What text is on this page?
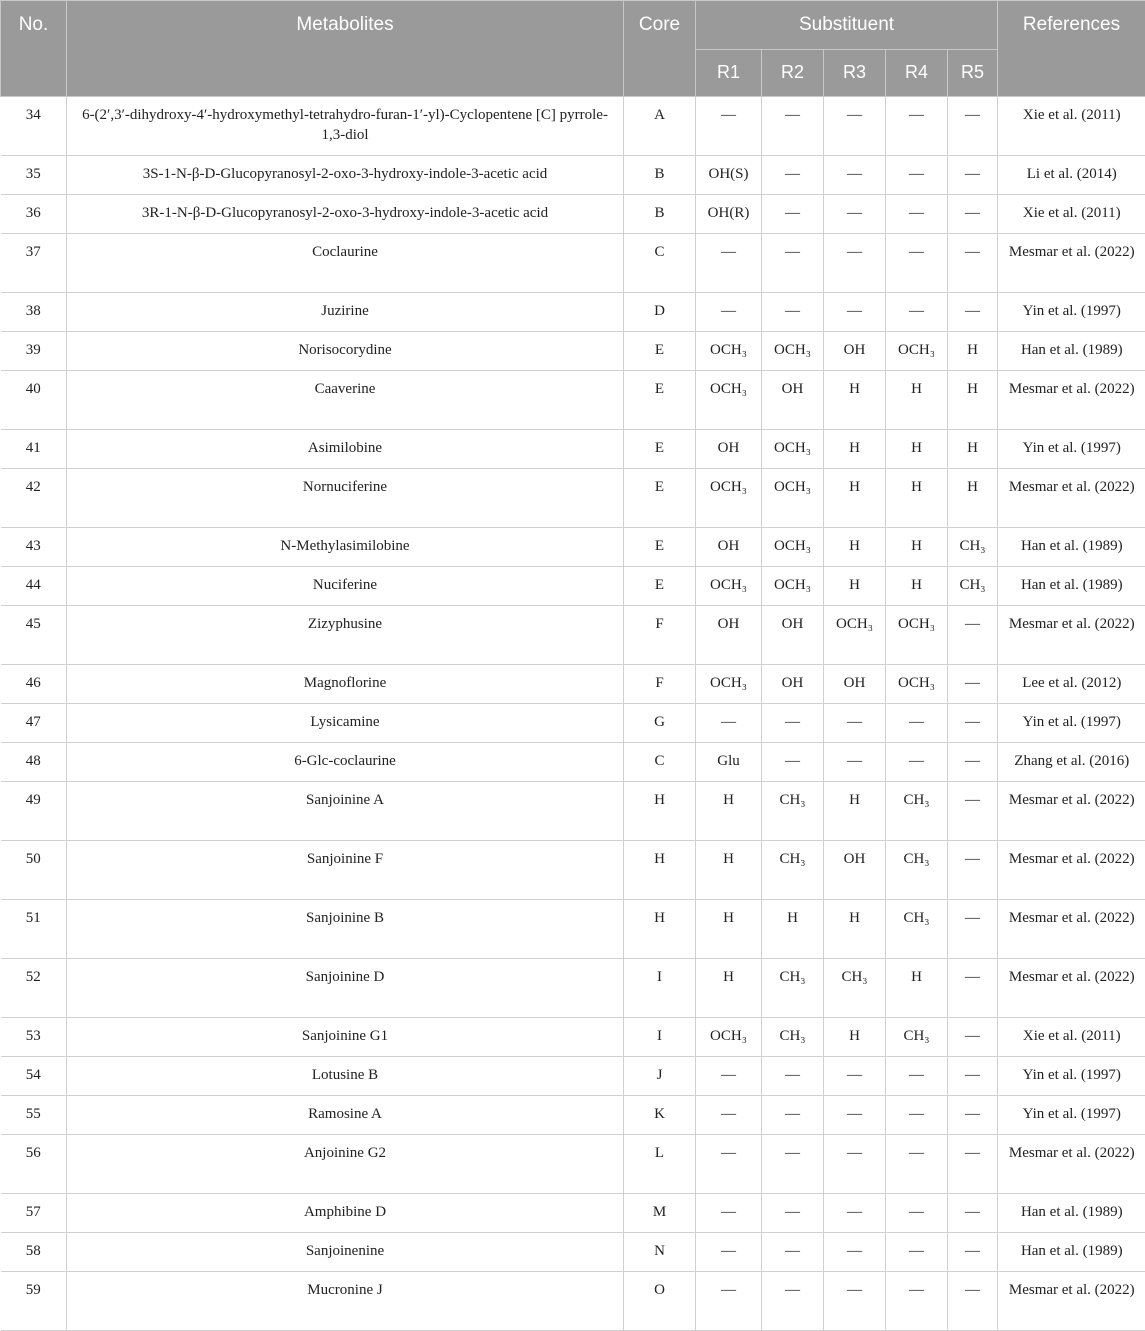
No.	Metabolites	Core	Substituent					References
			R1	R2	R3	R4	R5	
34	6-(2′,3′-dihydroxy-4′-hydroxymethyl-tetrahydro-furan-1′-yl)-Cyclopentene [C] pyrrole-1,3-diol	A	—	—	—	—	—	Xie et al. (2011)
35	3S-1-N-β-D-Glucopyranosyl-2-oxo-3-hydroxy-indole-3-acetic acid	B	OH(S)	—	—	—	—	Li et al. (2014)
36	3R-1-N-β-D-Glucopyranosyl-2-oxo-3-hydroxy-indole-3-acetic acid	B	OH(R)	—	—	—	—	Xie et al. (2011)
37	Coclaurine	C	—	—	—	—	—	Mesmar et al. (2022)
38	Juzirine	D	—	—	—	—	—	Yin et al. (1997)
39	Norisocorydine	E	OCH₃	OCH₃	OH	OCH₃	H	Han et al. (1989)
40	Caaverine	E	OCH₃	OH	H	H	H	Mesmar et al. (2022)
41	Asimilobine	E	OH	OCH₃	H	H	H	Yin et al. (1997)
42	Nornuciferine	E	OCH₃	OCH₃	H	H	H	Mesmar et al. (2022)
43	N-Methylasimilobine	E	OH	OCH₃	H	H	CH₃	Han et al. (1989)
44	Nuciferine	E	OCH₃	OCH₃	H	H	CH₃	Han et al. (1989)
45	Zizyphusine	F	OH	OH	OCH₃	OCH₃	—	Mesmar et al. (2022)
46	Magnoflorine	F	OCH₃	OH	OH	OCH₃	—	Lee et al. (2012)
47	Lysicamine	G	—	—	—	—	—	Yin et al. (1997)
48	6-Glc-coclaurine	C	Glu	—	—	—	—	Zhang et al. (2016)
49	Sanjoinine A	H	H	CH₃	H	CH₃	—	Mesmar et al. (2022)
50	Sanjoinine F	H	H	CH₃	OH	CH₃	—	Mesmar et al. (2022)
51	Sanjoinine B	H	H	H	H	CH₃	—	Mesmar et al. (2022)
52	Sanjoinine D	I	H	CH₃	CH₃	H	—	Mesmar et al. (2022)
53	Sanjoinine G1	I	OCH₃	CH₃	H	CH₃	—	Xie et al. (2011)
54	Lotusine B	J	—	—	—	—	—	Yin et al. (1997)
55	Ramosine A	K	—	—	—	—	—	Yin et al. (1997)
56	Anjoinine G2	L	—	—	—	—	—	Mesmar et al. (2022)
57	Amphibine D	M	—	—	—	—	—	Han et al. (1989)
58	Sanjoinenine	N	—	—	—	—	—	Han et al. (1989)
59	Mucronine J	O	—	—	—	—	—	Mesmar et al. (2022)
